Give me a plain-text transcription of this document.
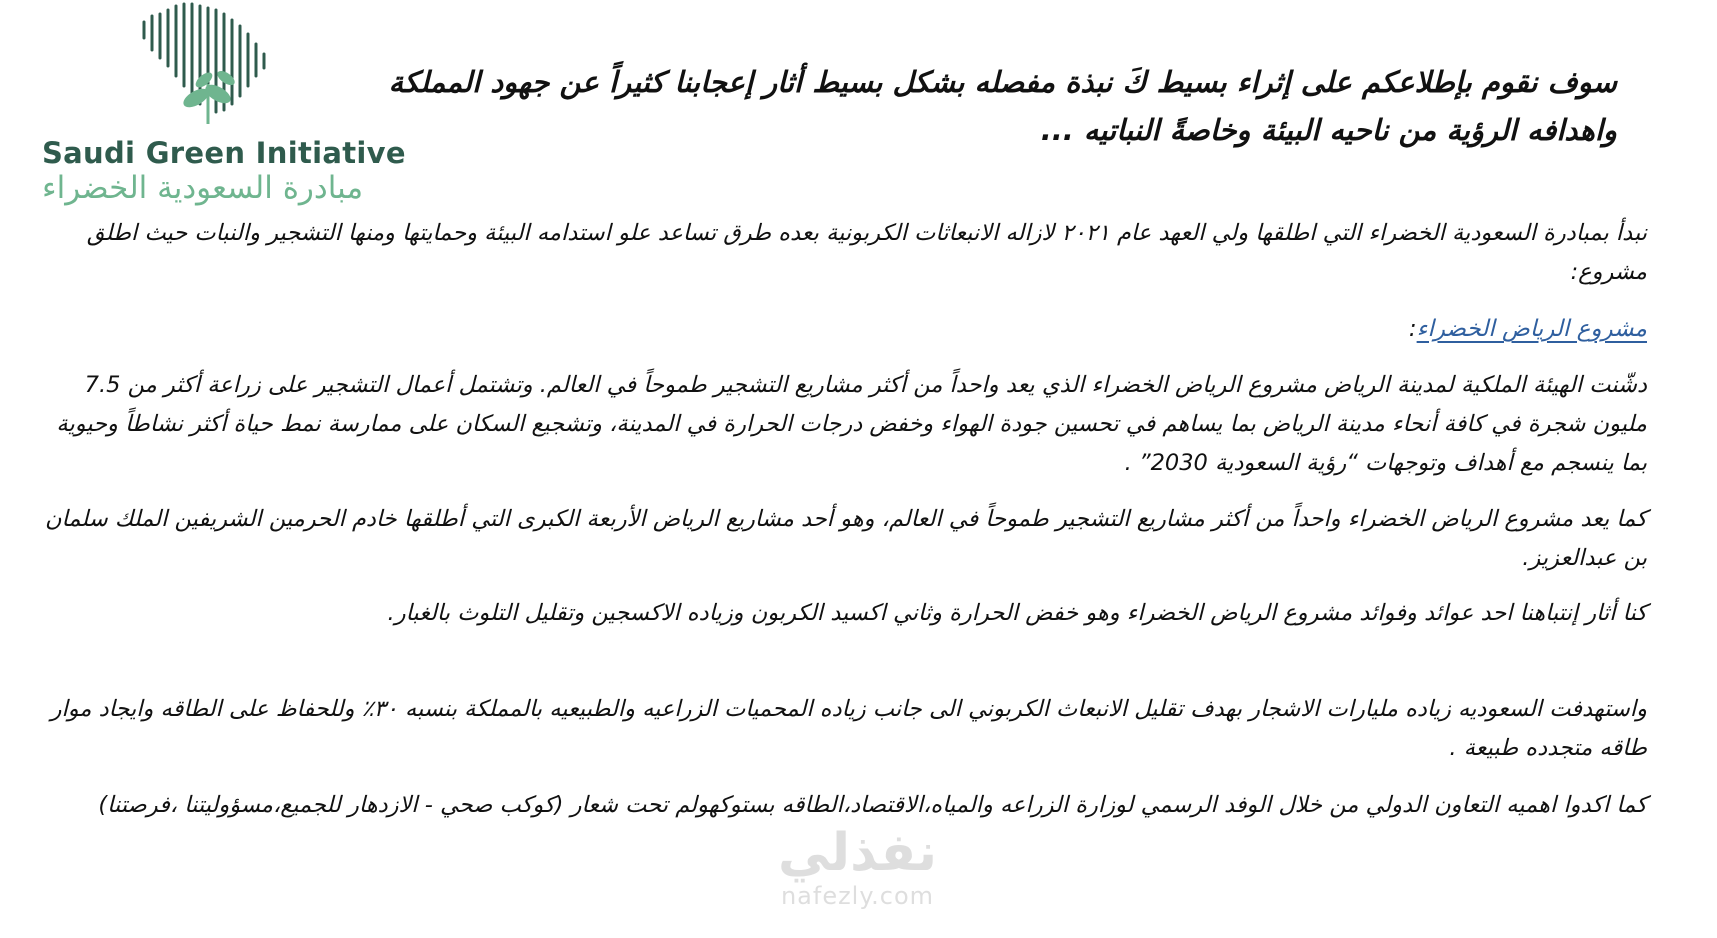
Saudi Green Initiative
مبادرة السعودية الخضراء
سوف نقوم بإطلاعكم على إثراء بسيط كَ نبذة مفصله بشكل بسيط أثار إعجابنا كثيراً عن جهود المملكة واهدافه الرؤية من ناحيه البيئة وخاصةً النباتيه ...
نبدأ بمبادرة السعودية الخضراء التي اطلقها ولي العهد عام ٢٠٢١ لازاله الانبعاثات الكربونية بعده طرق تساعد علو استدامه البيئة وحمايتها ومنها التشجير والنبات حيث اطلق مشروع:
مشروع الرياض الخضراء:
دشّنت الهيئة الملكية لمدينة الرياض مشروع الرياض الخضراء الذي يعد واحداً من أكثر مشاريع التشجير طموحاً في العالم. وتشتمل أعمال التشجير على زراعة أكثر من 7.5 مليون شجرة في كافة أنحاء مدينة الرياض بما يساهم في تحسين جودة الهواء وخفض درجات الحرارة في المدينة، وتشجيع السكان على ممارسة نمط حياة أكثر نشاطاً وحيوية بما ينسجم مع أهداف وتوجهات “رؤية السعودية 2030” .
كما يعد مشروع الرياض الخضراء واحداً من أكثر مشاريع التشجير طموحاً في العالم، وهو أحد مشاريع الرياض الأربعة الكبرى التي أطلقها خادم الحرمين الشريفين الملك سلمان بن عبدالعزيز.
كنا أثار إنتباهنا احد عوائد وفوائد مشروع الرياض الخضراء وهو خفض الحرارة وثاني اكسيد الكربون وزياده الاكسجين وتقليل التلوث بالغبار.
واستهدفت السعوديه زياده مليارات الاشجار بهدف تقليل الانبعاث الكربوني الى جانب زياده المحميات الزراعيه والطبيعيه بالمملكة بنسبه ٣٠٪ وللحفاظ على الطاقه وايجاد موار طاقه متجدده طبيعة .
كما اكدوا اهميه التعاون الدولي من خلال الوفد الرسمي لوزارة الزراعه والمياه،الاقتصاد،الطاقه بستوكهولم تحت شعار (كوكب صحي - الازدهار للجميع،مسؤوليتنا ،فرصتنا)
نفذلي
nafezly.com
